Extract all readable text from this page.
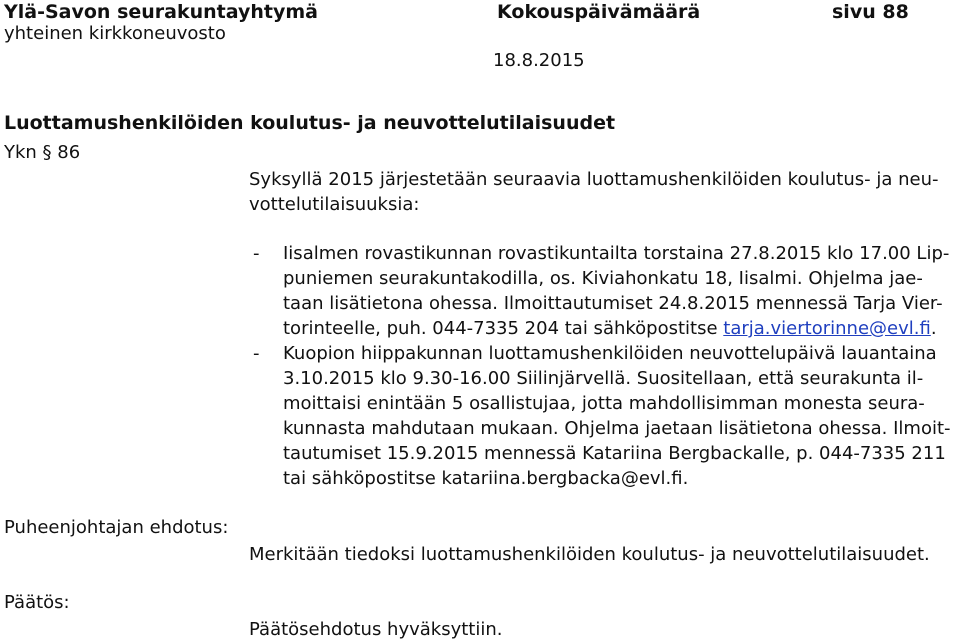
Ylä-Savon seurakuntayhtymä
yhteinen kirkkoneuvosto
Kokouspäivämäärä
18.8.2015
sivu 88
Luottamushenkilöiden koulutus- ja neuvottelutilaisuudet
Ykn § 86
Syksyllä 2015 järjestetään seuraavia luottamushenkilöiden koulutus- ja neu-
vottelutilaisuuksia:
- Iisalmen rovastikunnan rovastikuntailta torstaina 27.8.2015 klo 17.00 Lip-
puniemen seurakuntakodilla, os. Kiviahonkatu 18, Iisalmi. Ohjelma jae-
taan lisätietona ohessa. Ilmoittautumiset 24.8.2015 mennessä Tarja Vier-
torinteelle, puh. 044-7335 204 tai sähköpostitse tarja.viertorinne@evl.fi.
- Kuopion hiippakunnan luottamushenkilöiden neuvottelupäivä lauantaina
3.10.2015 klo 9.30-16.00 Siilinjärvellä. Suositellaan, että seurakunta il-
moittaisi enintään 5 osallistujaa, jotta mahdollisimman monesta seura-
kunnasta mahdutaan mukaan. Ohjelma jaetaan lisätietona ohessa. Ilmoit-
tautumiset 15.9.2015 mennessä Katariina Bergbackalle, p. 044-7335 211
tai sähköpostitse katariina.bergbacka@evl.fi.
Puheenjohtajan ehdotus:
Merkitään tiedoksi luottamushenkilöiden koulutus- ja neuvottelutilaisuudet.
Päätös:
Päätösehdotus hyväksyttiin.
